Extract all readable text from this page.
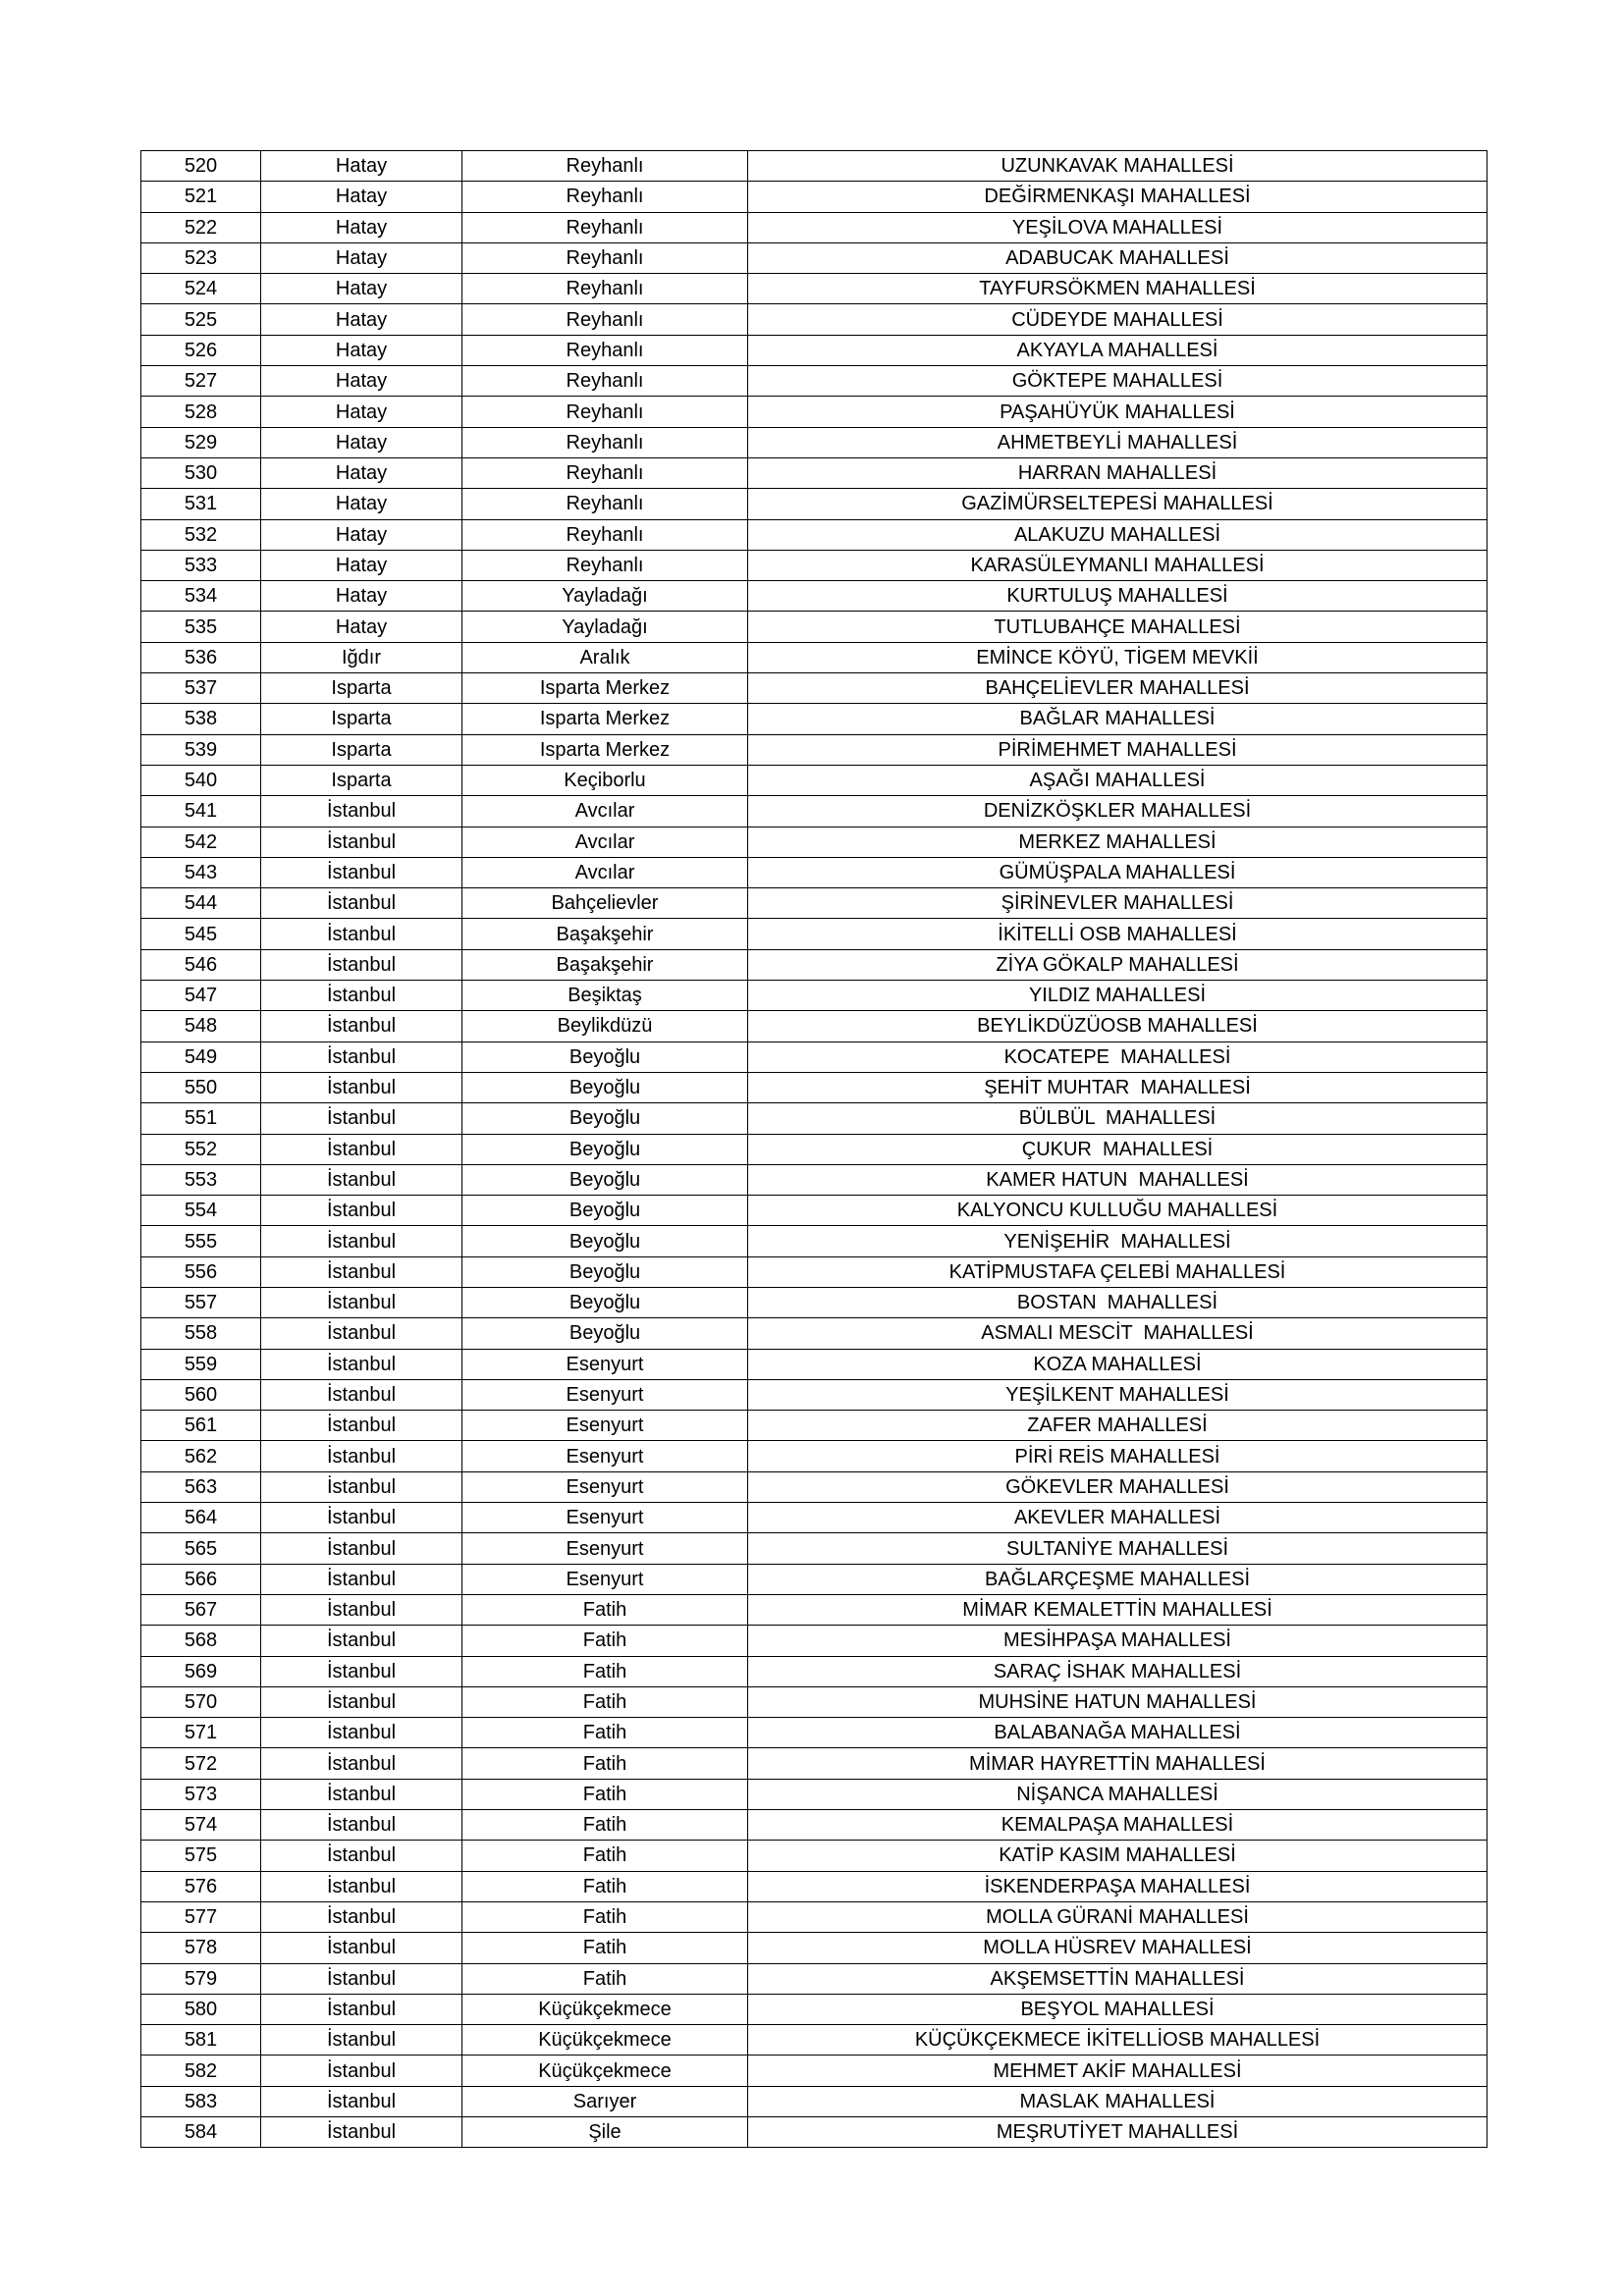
520	Hatay	Reyhanlı	UZUNKAVAK MAHALLESİ
521	Hatay	Reyhanlı	DEĞİRMENKAŞI MAHALLESİ
522	Hatay	Reyhanlı	YEŞİLOVA MAHALLESİ
523	Hatay	Reyhanlı	ADABUCAK MAHALLESİ
524	Hatay	Reyhanlı	TAYFURSÖKMEN MAHALLESİ
525	Hatay	Reyhanlı	CÜDEYDE MAHALLESİ
526	Hatay	Reyhanlı	AKYAYLA MAHALLESİ
527	Hatay	Reyhanlı	GÖKTEPE MAHALLESİ
528	Hatay	Reyhanlı	PAŞAHÜYÜK MAHALLESİ
529	Hatay	Reyhanlı	AHMETBEYLİ MAHALLESİ
530	Hatay	Reyhanlı	HARRAN MAHALLESİ
531	Hatay	Reyhanlı	GAZİMÜRSELTEPESİ MAHALLESİ
532	Hatay	Reyhanlı	ALAKUZU MAHALLESİ
533	Hatay	Reyhanlı	KARASÜLEYMANLI MAHALLESİ
534	Hatay	Yayladağı	KURTULUŞ MAHALLESİ
535	Hatay	Yayladağı	TUTLUBAHÇE MAHALLESİ
536	Iğdır	Aralık	EMİNCE KÖYÜ, TİGEM MEVKİİ
537	Isparta	Isparta Merkez	BAHÇELİEVLER MAHALLESİ
538	Isparta	Isparta Merkez	BAĞLAR MAHALLESİ
539	Isparta	Isparta Merkez	PİRİMEHMET MAHALLESİ
540	Isparta	Keçiborlu	AŞAĞI MAHALLESİ
541	İstanbul	Avcılar	DENİZKÖŞKLER MAHALLESİ
542	İstanbul	Avcılar	MERKEZ MAHALLESİ
543	İstanbul	Avcılar	GÜMÜŞPALA MAHALLESİ
544	İstanbul	Bahçelievler	ŞİRİNEVLER MAHALLESİ
545	İstanbul	Başakşehir	İKİTELLİ OSB MAHALLESİ
546	İstanbul	Başakşehir	ZİYA GÖKALP MAHALLESİ
547	İstanbul	Beşiktaş	YILDIZ MAHALLESİ
548	İstanbul	Beylikdüzü	BEYLİKDÜZÜOSB MAHALLESİ
549	İstanbul	Beyoğlu	KOCATEPE  MAHALLESİ
550	İstanbul	Beyoğlu	ŞEHİT MUHTAR  MAHALLESİ
551	İstanbul	Beyoğlu	BÜLBÜL  MAHALLESİ
552	İstanbul	Beyoğlu	ÇUKUR  MAHALLESİ
553	İstanbul	Beyoğlu	KAMER HATUN  MAHALLESİ
554	İstanbul	Beyoğlu	KALYONCU KULLUĞU MAHALLESİ
555	İstanbul	Beyoğlu	YENİŞEHİR  MAHALLESİ
556	İstanbul	Beyoğlu	KATİPMUSTAFA ÇELEBİ MAHALLESİ
557	İstanbul	Beyoğlu	BOSTAN  MAHALLESİ
558	İstanbul	Beyoğlu	ASMALI MESCİT  MAHALLESİ
559	İstanbul	Esenyurt	KOZA MAHALLESİ
560	İstanbul	Esenyurt	YEŞİLKENT MAHALLESİ
561	İstanbul	Esenyurt	ZAFER MAHALLESİ
562	İstanbul	Esenyurt	PİRİ REİS MAHALLESİ
563	İstanbul	Esenyurt	GÖKEVLER MAHALLESİ
564	İstanbul	Esenyurt	AKEVLER MAHALLESİ
565	İstanbul	Esenyurt	SULTANİYE MAHALLESİ
566	İstanbul	Esenyurt	BAĞLARÇEŞME MAHALLESİ
567	İstanbul	Fatih	MİMAR KEMALETTİN MAHALLESİ
568	İstanbul	Fatih	MESİHPAŞA MAHALLESİ
569	İstanbul	Fatih	SARAÇ İSHAK MAHALLESİ
570	İstanbul	Fatih	MUHSİNE HATUN MAHALLESİ
571	İstanbul	Fatih	BALABANAĞA MAHALLESİ
572	İstanbul	Fatih	MİMAR HAYRETTİN MAHALLESİ
573	İstanbul	Fatih	NİŞANCA MAHALLESİ
574	İstanbul	Fatih	KEMALPAŞA MAHALLESİ
575	İstanbul	Fatih	KATİP KASIM MAHALLESİ
576	İstanbul	Fatih	İSKENDERPAŞA MAHALLESİ
577	İstanbul	Fatih	MOLLA GÜRANİ MAHALLESİ
578	İstanbul	Fatih	MOLLA HÜSREV MAHALLESİ
579	İstanbul	Fatih	AKŞEMSETTİN MAHALLESİ
580	İstanbul	Küçükçekmece	BEŞYOL MAHALLESİ
581	İstanbul	Küçükçekmece	KÜÇÜKÇEKMECE İKİTELLİOSB MAHALLESİ
582	İstanbul	Küçükçekmece	MEHMET AKİF MAHALLESİ
583	İstanbul	Sarıyer	MASLAK MAHALLESİ
584	İstanbul	Şile	MEŞRUTİYET MAHALLESİ
